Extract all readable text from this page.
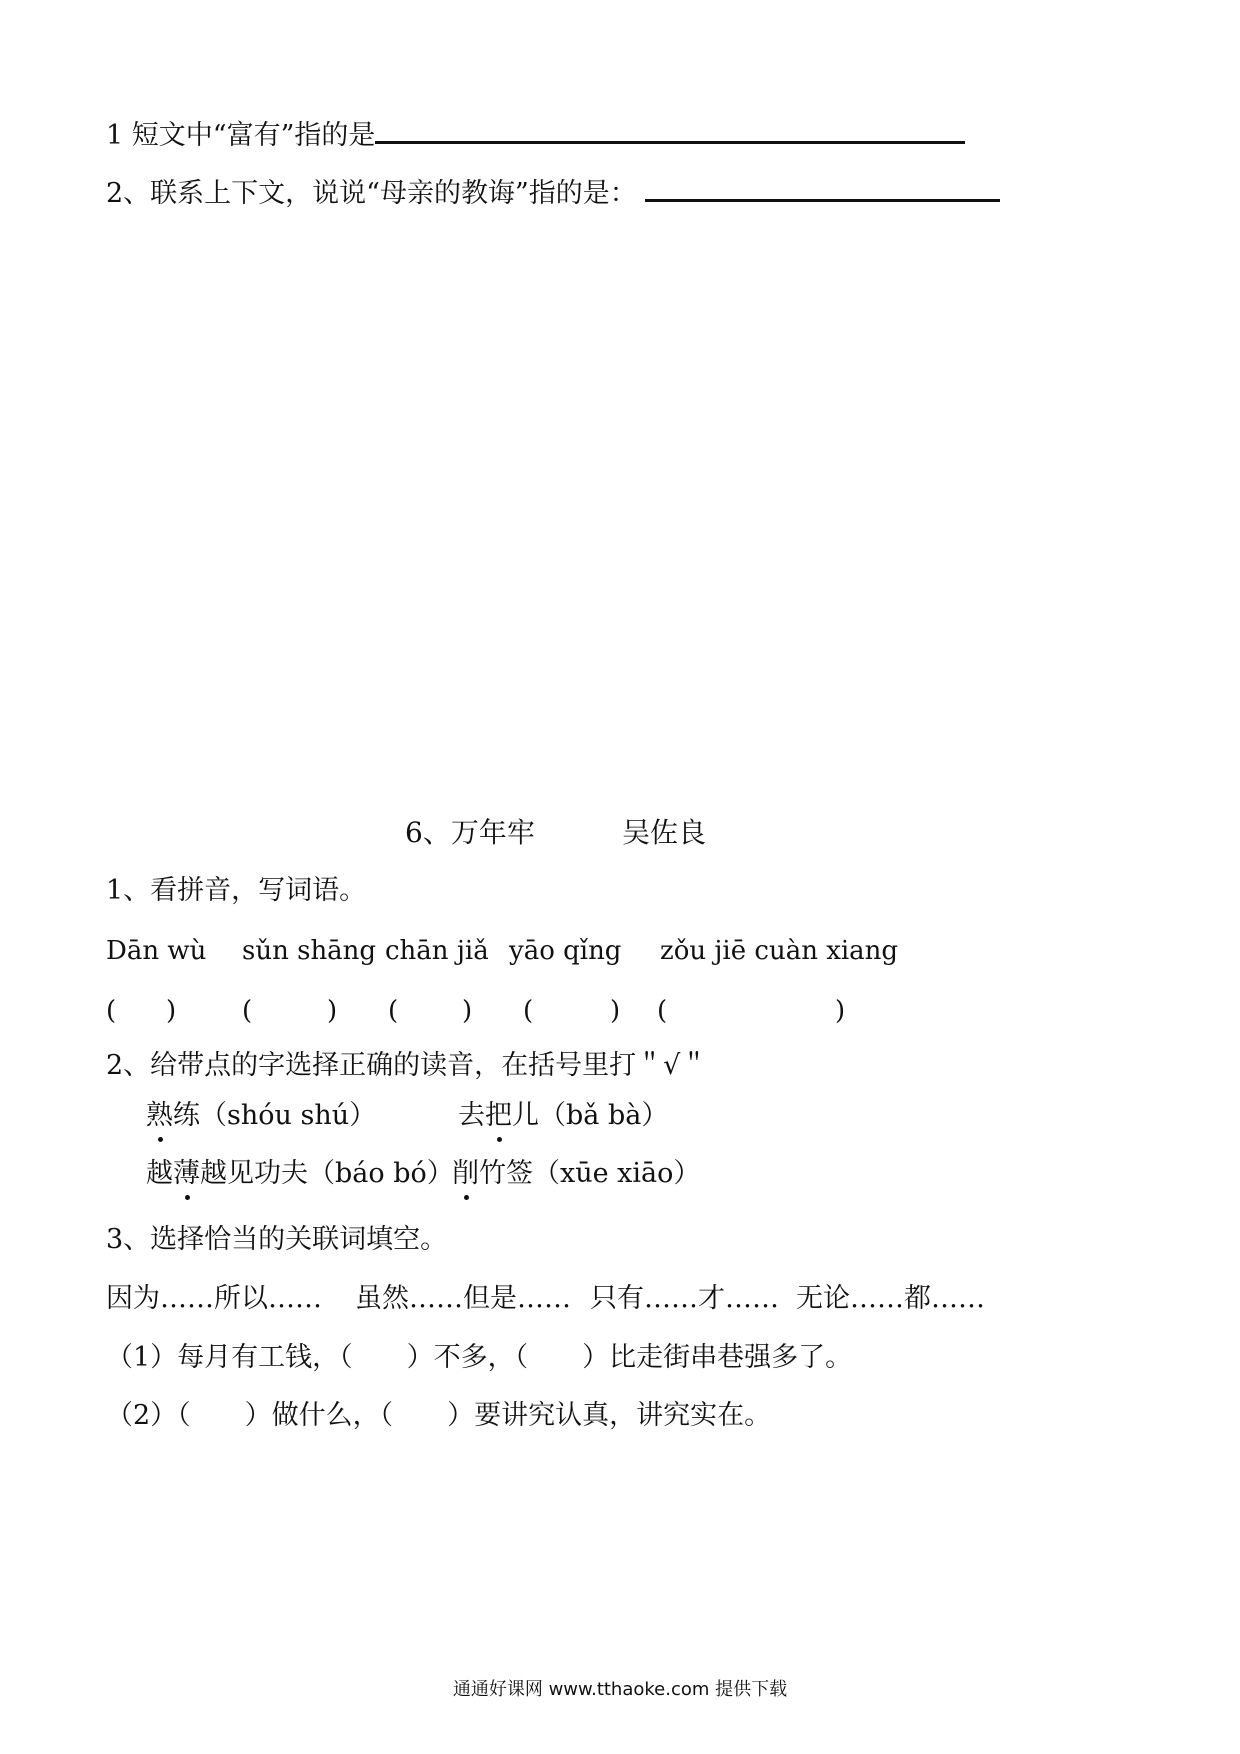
1 短文中“富有”指的是
2、联系上下文，说说“母亲的教诲”指的是：
6、万年牢	吴佐良
1、看拼音，写词语。
Dān wù sǔn shāng chān jiǎ yāo qǐng zǒu jiē cuàn xiang
( )	(	) ( ) (	) (	)
2、给带点的字选择正确的读音，在括号里打＂√＂
熟练（shóu shú）	去把儿（bǎ bà）
越薄越见功夫（báo bó）
削竹签（xūe xiāo）
3、选择恰当的关联词填空。
因为……所以…… 虽然……但是…… 只有……才…… 无论……都……
（1）每月有工钱，（　　）不多，（　　）比走街串巷强多了。
（2）（　　）做什么，（　　）要讲究认真，讲究实在。
通通好课网 www.tthaoke.com 提供下载
